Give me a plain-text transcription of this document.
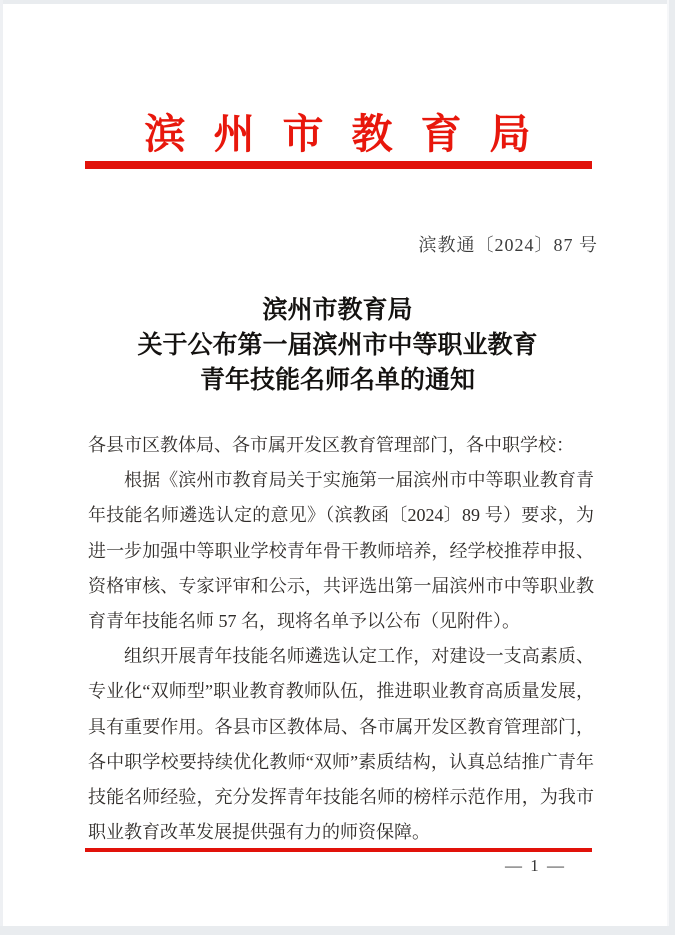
滨州市教育局
滨教通〔2024〕87 号
滨州市教育局
关于公布第一届滨州市中等职业教育
青年技能名师名单的通知

各县市区教体局、各市属开发区教育管理部门，各中职学校：

根据《滨州市教育局关于实施第一届滨州市中等职业教育青年技能名师遴选认定的意见》（滨教函〔2024〕89 号）要求，为进一步加强中等职业学校青年骨干教师培养，经学校推荐申报、资格审核、专家评审和公示，共评选出第一届滨州市中等职业教育青年技能名师 57 名，现将名单予以公布（见附件）。

组织开展青年技能名师遴选认定工作，对建设一支高素质、专业化“双师型”职业教育教师队伍，推进职业教育高质量发展，具有重要作用。各县市区教体局、各市属开发区教育管理部门，各中职学校要持续优化教师“双师”素质结构，认真总结推广青年技能名师经验，充分发挥青年技能名师的榜样示范作用，为我市职业教育改革发展提供强有力的师资保障。

— 1 —
